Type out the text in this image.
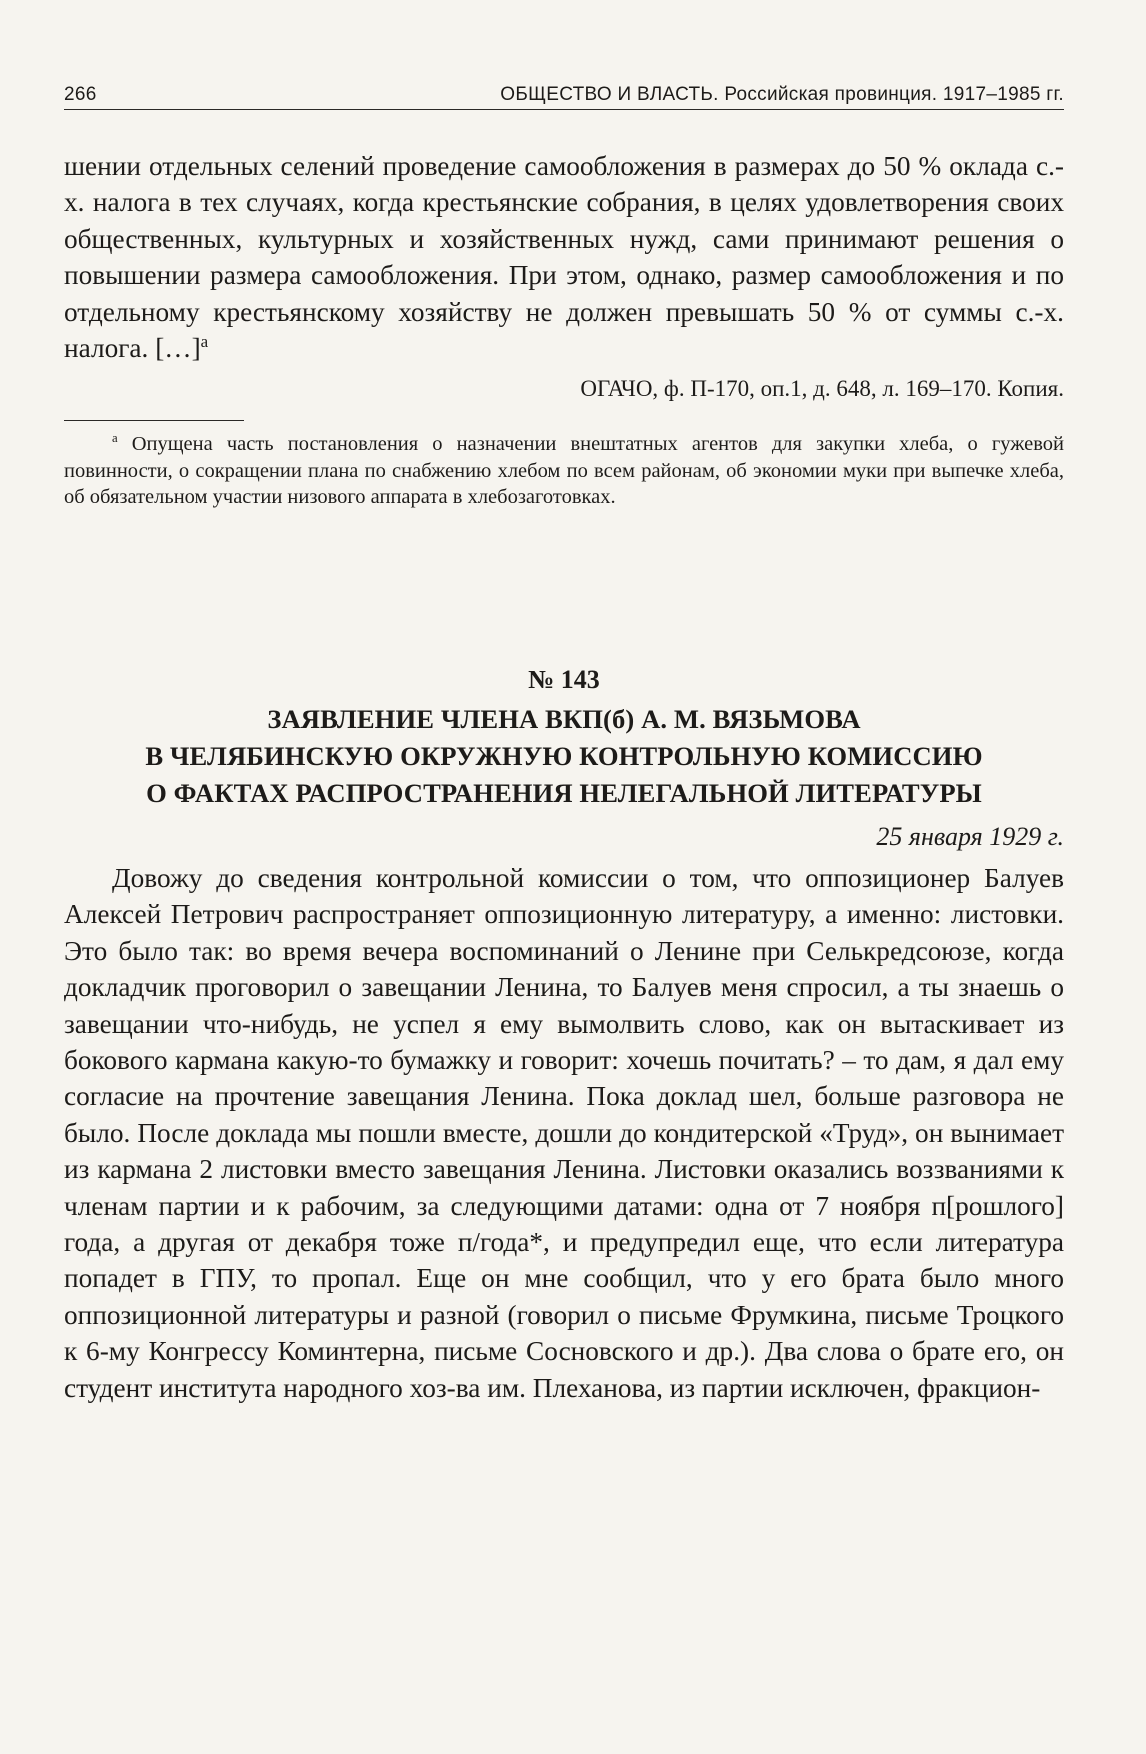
266	ОБЩЕСТВО И ВЛАСТЬ. Российская провинция. 1917–1985 гг.

шении отдельных селений проведение самообложения в размерах до 50 % оклада с.-х. налога в тех случаях, когда крестьянские собрания, в целях удовлетворения своих общественных, культурных и хозяйственных нужд, сами принимают решения о повышении размера самообложения. При этом, однако, размер самообложения и по отдельному крестьянскому хозяйству не должен превышать 50 % от суммы с.-х. налога. […]$^а$

ОГАЧО, ф. П-170, оп.1, д. 648, л. 169–170. Копия.
$^а$ Опущена часть постановления о назначении внештатных агентов для закупки хлеба, о гужевой повинности, о сокращении плана по снабжению хлебом по всем районам, об экономии муки при выпечке хлеба, об обязательном участии низового аппарата в хлебозаготовках.
№ 143
ЗАЯВЛЕНИЕ ЧЛЕНА ВКП(б) А. М. ВЯЗЬМОВА
В ЧЕЛЯБИНСКУЮ ОКРУЖНУЮ КОНТРОЛЬНУЮ КОМИССИЮ
О ФАКТАХ РАСПРОСТРАНЕНИЯ НЕЛЕГАЛЬНОЙ ЛИТЕРАТУРЫ
25 января 1929 г.

Довожу до сведения контрольной комиссии о том, что оппозиционер Балуев Алексей Петрович распространяет оппозиционную литературу, а именно: листовки. Это было так: во время вечера воспоминаний о Ленине при Селькредсоюзе, когда докладчик проговорил о завещании Ленина, то Балуев меня спросил, а ты знаешь о завещании что-нибудь, не успел я ему вымолвить слово, как он вытаскивает из бокового кармана какую-то бумажку и говорит: хочешь почитать? – то дам, я дал ему согласие на прочтение завещания Ленина. Пока доклад шел, больше разговора не было. После доклада мы пошли вместе, дошли до кондитерской «Труд», он вынимает из кармана 2 листовки вместо завещания Ленина. Листовки оказались воззваниями к членам партии и к рабочим, за следующими датами: одна от 7 ноября п[рошлого] года, а другая от декабря тоже п/года*, и предупредил еще, что если литература попадет в ГПУ, то пропал. Еще он мне сообщил, что у его брата было много оппозиционной литературы и разной (говорил о письме Фрумкина, письме Троцкого к 6-му Конгрессу Коминтерна, письме Сосновского и др.). Два слова о брате его, он студент института народного хоз-ва им. Плеханова, из партии исключен, фракцион-
